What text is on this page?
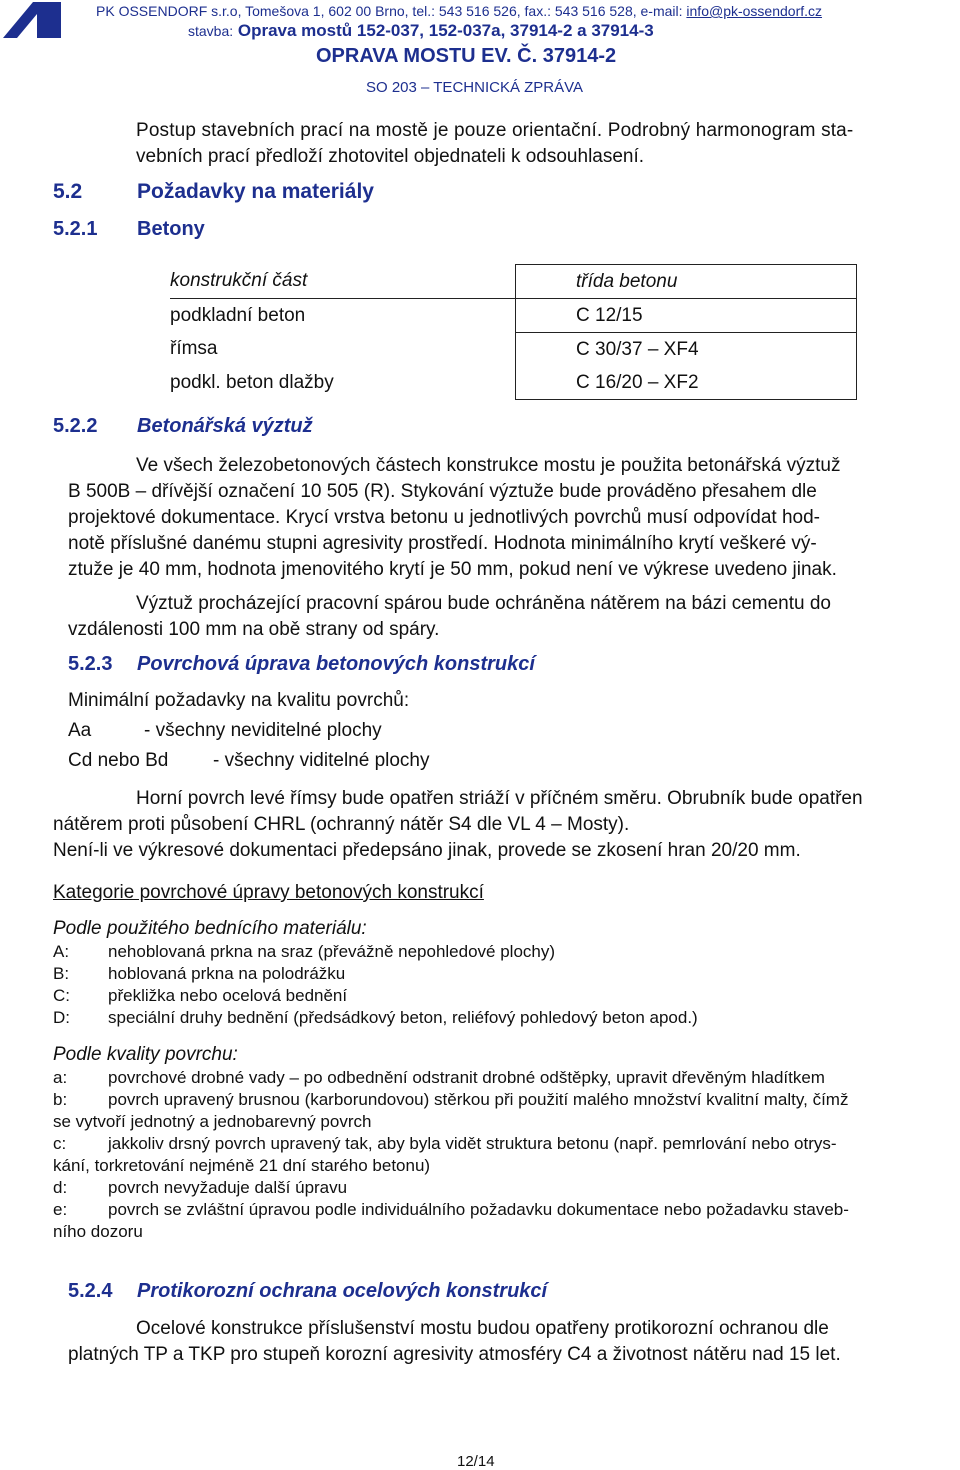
PK OSSENDORF s.r.o, Tomešova 1, 602 00 Brno, tel.: 543 516 526, fax.: 543 516 528, e-mail: info@pk-ossendorf.cz
stavba: Oprava mostů 152-037, 152-037a, 37914-2 a 37914-3
OPRAVA MOSTU EV. Č. 37914-2
SO 203 – TECHNICKÁ ZPRÁVA
Postup stavebních prací na mostě je pouze orientační. Podrobný harmonogram sta-
vebních prací předloží zhotovitel objednateli k odsouhlasení.
5.2	Požadavky na materiály
5.2.1 Betony
konstrukční část	třída betonu
podkladní beton	C 12/15
římsa	C 30/37 – XF4
podkl. beton dlažby	C 16/20 – XF2
5.2.2 Betonářská výztuž
Ve všech železobetonových částech konstrukce mostu je použita betonářská výztuž
B 500B – dřívější označení 10 505 (R). Stykování výztuže bude prováděno přesahem dle
projektové dokumentace. Krycí vrstva betonu u jednotlivých povrchů musí odpovídat hod-
notě příslušné danému stupni agresivity prostředí. Hodnota minimálního krytí veškeré vý-
ztuže je 40 mm, hodnota jmenovitého krytí je 50 mm, pokud není ve výkrese uvedeno jinak.
Výztuž procházející pracovní spárou bude ochráněna nátěrem na bázi cementu do
vzdálenosti 100 mm na obě strany od spáry.
5.2.3 Povrchová úprava betonových konstrukcí
Minimální požadavky na kvalitu povrchů:
Aa	- všechny neviditelné plochy
Cd nebo Bd - všechny viditelné plochy
Horní povrch levé římsy bude opatřen striáží v příčném směru. Obrubník bude opatřen
nátěrem proti působení CHRL (ochranný nátěr S4 dle VL 4 – Mosty).
Není-li ve výkresové dokumentaci předepsáno jinak, provede se zkosení hran 20/20 mm.
Kategorie povrchové úpravy betonových konstrukcí
Podle použitého bednícího materiálu:
A: nehoblovaná prkna na sraz (převážně nepohledové plochy)
B: hoblovaná prkna na polodrážku
C: překližka nebo ocelová bednění
D: speciální druhy bednění (předsádkový beton, reliéfový pohledový beton apod.)
Podle kvality povrchu:
a: povrchové drobné vady – po odbednění odstranit drobné odštěpky, upravit dřevěným hladítkem
b: povrch upravený brusnou (karborundovou) stěrkou při použití malého množství kvalitní malty, čímž
se vytvoří jednotný a jednobarevný povrch
c: jakkoliv drsný povrch upravený tak, aby byla vidět struktura betonu (např. pemrlování nebo otrys-
kání, torkretování nejméně 21 dní starého betonu)
d: povrch nevyžaduje další úpravu
e: povrch se zvláštní úpravou podle individuálního požadavku dokumentace nebo požadavku staveb-
ního dozoru
5.2.4 Protikorozní ochrana ocelových konstrukcí
Ocelové konstrukce příslušenství mostu budou opatřeny protikorozní ochranou dle
platných TP a TKP pro stupeň korozní agresivity atmosféry C4 a životnost nátěru nad 15 let.
12/14
